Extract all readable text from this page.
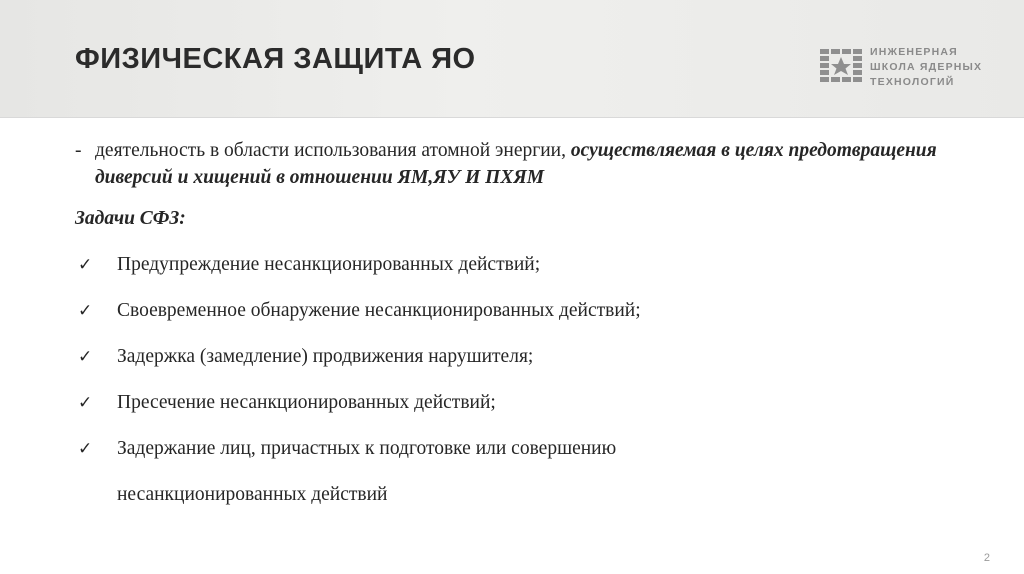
ФИЗИЧЕСКАЯ ЗАЩИТА ЯО	ИНЖЕНЕРНАЯ
ШКОЛА ЯДЕРНЫХ
ТЕХНОЛОГИЙ
- деятельность в области использования атомной энергии, осуществляемая в целях предотвращения диверсий и хищений в отношении ЯМ,ЯУ И ПХЯМ
Задачи СФЗ:
✓ Предупреждение несанкционированных действий;
✓ Своевременное обнаружение несанкционированных действий;
✓ Задержка (замедление) продвижения нарушителя;
✓ Пресечение несанкционированных действий;
✓ Задержание лиц, причастных к подготовке или совершению
несанкционированных действий
2
